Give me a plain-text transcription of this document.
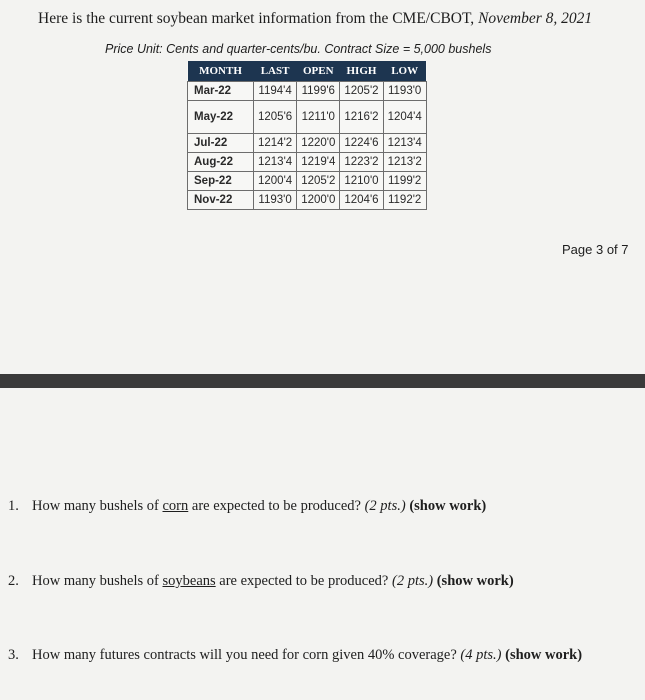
Here is the current soybean market information from the CME/CBOT, November 8, 2021
Price Unit: Cents and quarter-cents/bu. Contract Size = 5,000 bushels
MONTH	LAST	OPEN	HIGH	LOW
Mar-22	1194'4	1199'6	1205'2	1193'0
May-22	1205'6	1211'0	1216'2	1204'4
Jul-22	1214'2	1220'0	1224'6	1213'4
Aug-22	1213'4	1219'4	1223'2	1213'2
Sep-22	1200'4	1205'2	1210'0	1199'2
Nov-22	1193'0	1200'0	1204'6	1192'2
Page 3 of 7
1. How many bushels of corn are expected to be produced? (2 pts.) (show work)
2. How many bushels of soybeans are expected to be produced? (2 pts.) (show work)
3. How many futures contracts will you need for corn given 40% coverage? (4 pts.) (show work)
